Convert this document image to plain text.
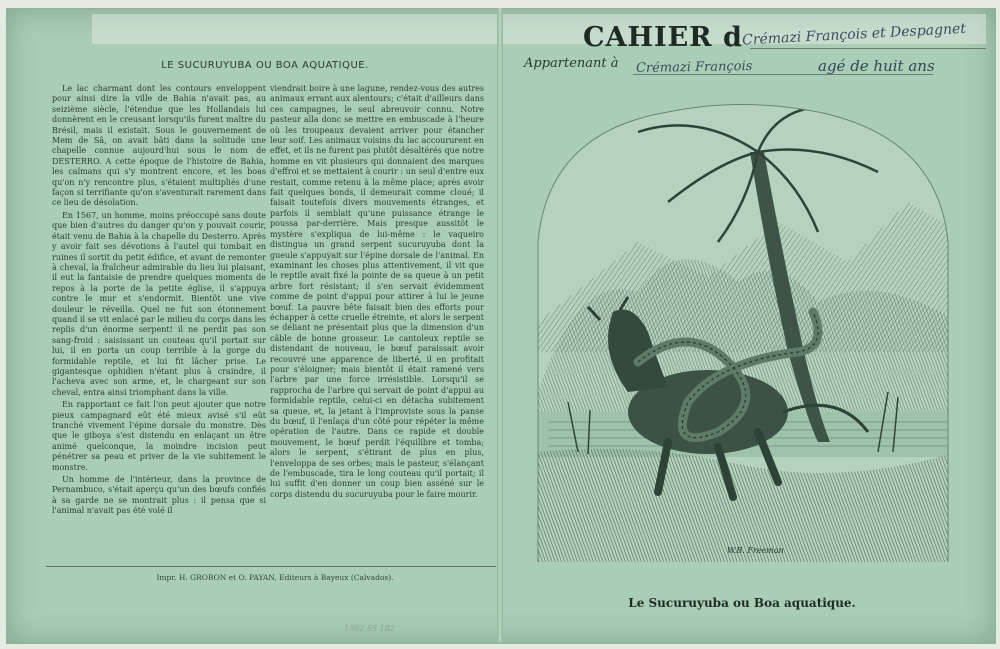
LE SUCURUYUBA OU BOA AQUATIQUE.

Le lac charmant dont les contours enveloppent pour ainsi dire la ville de Bahia n'avait pas, au seizième siècle, l'étendue que les Hollandais lui donnèrent en le creusant lorsqu'ils furent maître du Brésil, mais il existait. Sous le gouvernement de Mem de Sâ, on avait bâti dans la solitude une chapelle connue aujourd'hui sous le nom de DESTERRO. A cette époque de l'histoire de Bahia, les caïmans qui s'y montrent encore, et les boas qu'on n'y rencontre plus, s'étaient multipliés d'une façon si terrifiante qu'on s'aventurait rarement dans ce lieu de désolation.

En 1567, un homme, moins préoccupé sans doute que bien d'autres du danger qu'on y pouvait courir, était venu de Bahia à la chapelle du Desterro. Après y avoir fait ses dévotions à l'autel qui tombait en ruines il sortit du petit édifice, et avant de remonter à cheval, la fraîcheur admirable du lieu lui plaisant, il eut la fantaisie de prendre quelques moments de repos à la porte de la petite église, il s'appuya contre le mur et s'endormit. Bientôt une vive douleur le réveilla. Quel ne fut son étonnement quand il se vit enlacé par le milieu du corps dans les replis d'un énorme serpent! il ne perdit pas son sang-froid : saisissant un couteau qu'il portait sur lui, il en porta un coup terrible à la gorge du formidable reptile, et lui fit lâcher prise. Le gigantesque ophidien n'étant plus à craindre, il l'acheva avec son arme, et, le chargeant sur son cheval, entra ainsi triomphant dans la ville.

En rapportant ce fait l'on peut ajouter que notre pieux campagnard eût été mieux avisé s'il eût tranché vivement l'épine dorsale du monstre. Dès que le giboya s'est distendu en enlaçant un être animé quelconque, la moindre incision peut pénétrer sa peau et priver de la vie subitement le monstre.

Un homme de l'intérieur, dans la province de Pernambuco, s'était aperçu qu'un des bœufs confiés à sa garde ne se montrait plus : il pensa que si l'animal n'avait pas été volé il

viendrait boire à une lagune, rendez-vous des autres animaux errant aux alentours; c'était d'ailleurs dans ces campagnes, le seul abreuvoir connu. Notre pasteur alla donc se mettre en embuscade à l'heure où les troupeaux devaient arriver pour étancher leur soif. Les animaux voisins du lac accoururent en effet, et ils ne furent pas plutôt désaltérés que notre homme en vit plusieurs qui donnaient des marques d'effroi et se mettaient à courir : un seul d'entre eux restait, comme retenu à la même place; après avoir fait quelques bonds, il demeurait comme cloué; il faisait toutefois divers mouvements étranges, et parfois il semblait qu'une puissance étrange le poussa par-derrière. Mais presque aussitôt le mystère s'expliqua de lui-même : le vaqueiro distingua un grand serpent sucuruyuba dont la gueule s'appuyait sur l'épine dorsale de l'animal. En examinant les choses plus attentivement, il vit que le reptile avait fixé la pointe de sa queue à un petit arbre fort résistant; il s'en servait évidemment comme de point d'appui pour attirer à lui le jeune bœuf. La pauvre bête faisait bien des efforts pour échapper à cette cruelle étreinte, et alors le serpent se déliant ne présentait plus que la dimension d'un câble de bonne grosseur. Le cantoleux reptile se distendant de nouveau, le bœuf paraissait avoir recouvré une apparence de liberté, il en profitait pour s'éloigner; mais bientôt il était ramené vers l'arbre par une force irrésistible. Lorsqu'il se rapprocha de l'arbre qui servait de point d'appui au formidable reptile, celui-ci en détacha subitement sa queue, et, la jetant à l'improviste sous la panse du bœuf, il l'enlaça d'un côté pour répéter la même opération de l'autre. Dans ce rapide et double mouvement, le bœuf perdit l'équilibre et tomba; alors le serpent, s'étirant de plus en plus, l'enveloppa de ses orbes; mais le pasteur, s'élançant de l'embuscade, tira le long couteau qu'il portait; il lui suffit d'en donner un coup bien asséné sur le corps distendu du sucuruyuba pour le faire mourir.

Impr. H. GROBON et O. PAYAN, Editeurs à Bayeux (Calvados).
1982 85 182
CAHIER d
Crémazi François et Despagnet
Appartenant à Crémazi François	agé de huit ans
W.B. Freeman
Le Sucuruyuba ou Boa aquatique.
